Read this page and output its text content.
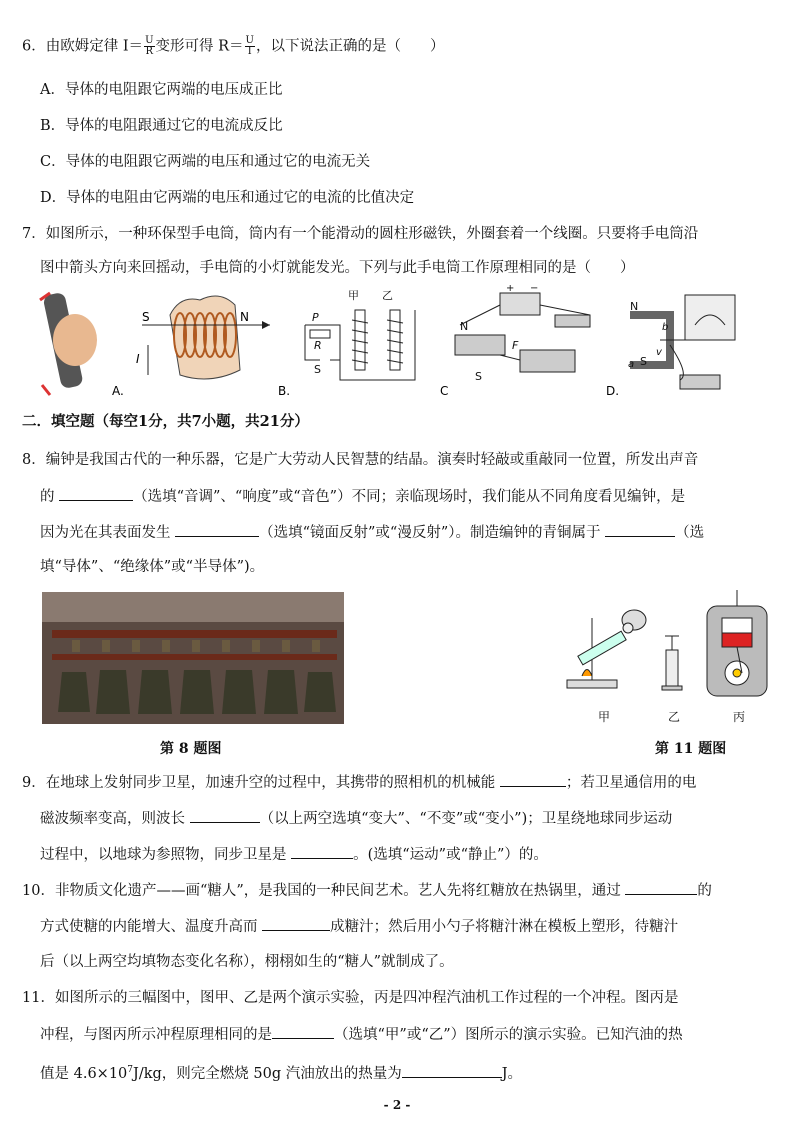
6．由欧姆定律 $I= \frac{U}{R}$ 变形可得 $R= \frac{U}{I}$ ，以下说法正确的是（　　）
A．导体的电阻跟它两端的电压成正比
B．导体的电阻跟通过它的电流成反比
C．导体的电阻跟它两端的电压和通过它的电流无关
D．导体的电阻由它两端的电压和通过它的电流的比值决定
7．如图所示，一种环保型手电筒，筒内有一个能滑动的圆柱形磁铁，外圈套着一个线圈。只要将手电筒沿
图中箭头方向来回摇动，手电筒的小灯就能发光。下列与此手电筒工作原理相同的是（　　）
A.
S	N
I
B.
甲 乙
P
R
S
C
+ −
N
S
F
D.
N
S
a
b
v
二．填空题（每空1分，共7小题，共21分）
8．编钟是我国古代的一种乐器，它是广大劳动人民智慧的结晶。演奏时轻敲或重敲同一位置，所发出声音
的	（选填“音调”、“响度”或“音色”）不同；亲临现场时，我们能从不同角度看见编钟，是
因为光在其表面发生	（选填“镜面反射”或“漫反射”）。制造编钟的青铜属于	（选
填“导体”、“绝缘体”或“半导体”)。
甲	乙	丙
第 8 题图	第 11 题图
9．在地球上发射同步卫星，加速升空的过程中，其携带的照相机的机械能	；若卫星通信用的电
磁波频率变高，则波长	（以上两空选填“变大”、“不变”或“变小”)；卫星绕地球同步运动
过程中，以地球为参照物，同步卫星是	。(选填“运动”或“静止”）的。
10．非物质文化遗产——画“糖人”，是我国的一种民间艺术。艺人先将红糖放在热锅里，通过	的
方式使糖的内能增大、温度升高而	成糖汁；然后用小勺子将糖汁淋在模板上塑形，待糖汁
后（以上两空均填物态变化名称），栩栩如生的“糖人”就制成了。
11．如图所示的三幅图中，图甲、乙是两个演示实验，丙是四冲程汽油机工作过程的一个冲程。图丙是
冲程，与图丙所示冲程原理相同的是	（选填“甲”或“乙”）图所示的演示实验。已知汽油的热
值是 $4.6\times 10^7J/kg$，则完全燃烧 50g 汽油放出的热量为	J。
- 2 -
